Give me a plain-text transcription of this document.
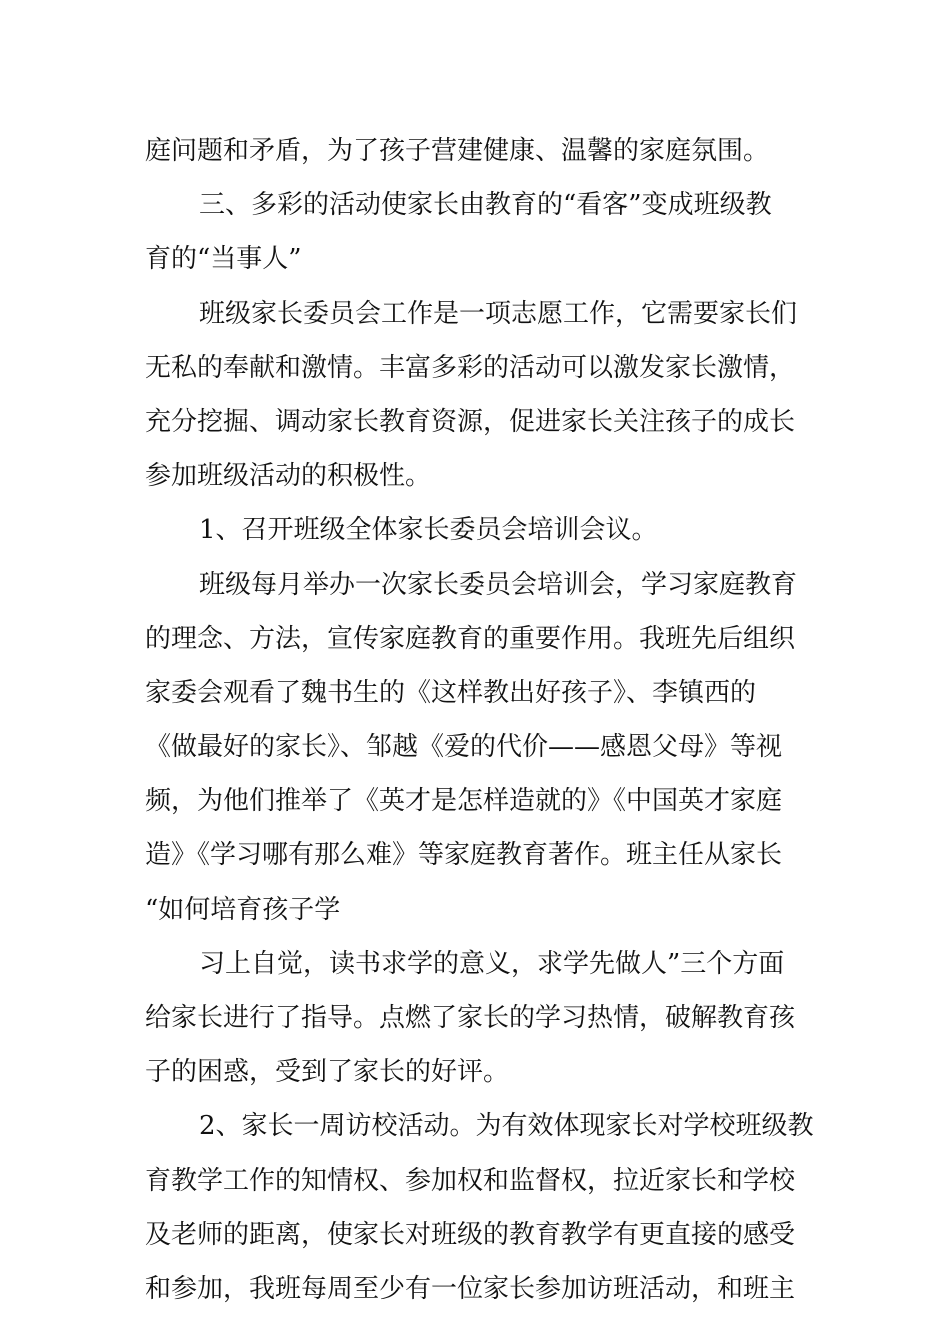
庭问题和矛盾，为了孩子营建健康、温馨的家庭氛围。
三、多彩的活动使家长由教育的“看客”变成班级教
育的“当事人”
班级家长委员会工作是一项志愿工作，它需要家长们
无私的奉献和激情。丰富多彩的活动可以激发家长激情，
充分挖掘、调动家长教育资源，促进家长关注孩子的成长
参加班级活动的积极性。
1、召开班级全体家长委员会培训会议。
班级每月举办一次家长委员会培训会，学习家庭教育
的理念、方法，宣传家庭教育的重要作用。我班先后组织
家委会观看了魏书生的《这样教出好孩子》、李镇西的
《做最好的家长》、邹越《爱的代价——感恩父母》等视
频，为他们推举了《英才是怎样造就的》《中国英才家庭
造》《学习哪有那么难》等家庭教育著作。班主任从家长
“如何培育孩子学
习上自觉，读书求学的意义，求学先做人”三个方面
给家长进行了指导。点燃了家长的学习热情，破解教育孩
子的困惑，受到了家长的好评。
2、家长一周访校活动。为有效体现家长对学校班级教
育教学工作的知情权、参加权和监督权，拉近家长和学校
及老师的距离，使家长对班级的教育教学有更直接的感受
和参加，我班每周至少有一位家长参加访班活动，和班主
